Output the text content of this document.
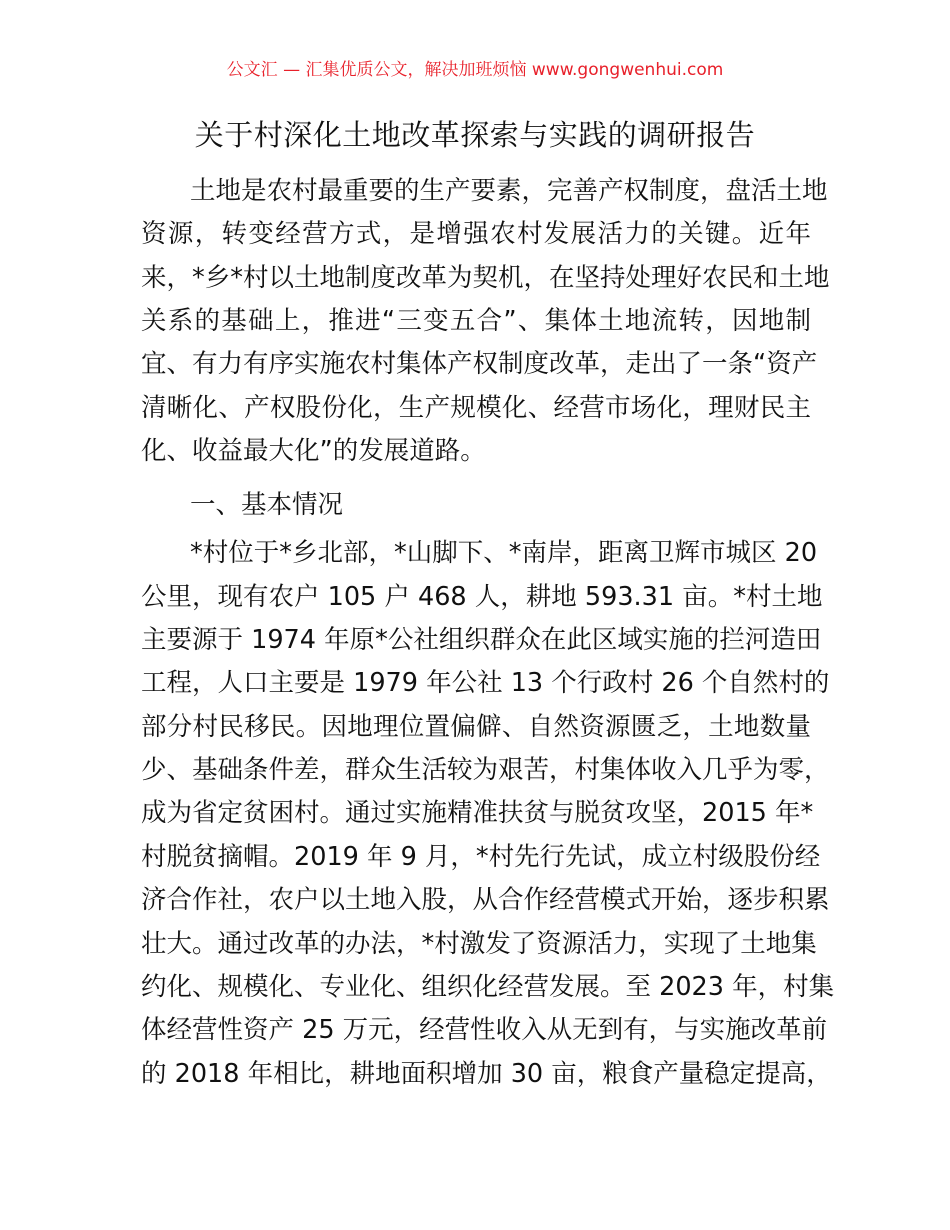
公文汇 — 汇集优质公文，解决加班烦恼 www.gongwenhui.com
关于村深化土地改革探索与实践的调研报告
土地是农村最重要的生产要素，完善产权制度，盘活土地
资源，转变经营方式，是增强农村发展活力的关键。近年
来，*乡*村以土地制度改革为契机，在坚持处理好农民和土地
关系的基础上，推进“三变五合”、集体土地流转，因地制
宜、有力有序实施农村集体产权制度改革，走出了一条“资产
清晰化、产权股份化，生产规模化、经营市场化，理财民主
化、收益最大化”的发展道路。
一、基本情况
*村位于*乡北部，*山脚下、*南岸，距离卫辉市城区 20
公里，现有农户 105 户 468 人，耕地 593.31 亩。*村土地
主要源于 1974 年原*公社组织群众在此区域实施的拦河造田
工程，人口主要是 1979 年公社 13 个行政村 26 个自然村的
部分村民移民。因地理位置偏僻、自然资源匮乏，土地数量
少、基础条件差，群众生活较为艰苦，村集体收入几乎为零，
成为省定贫困村。通过实施精准扶贫与脱贫攻坚，2015 年*
村脱贫摘帽。2019 年 9 月，*村先行先试，成立村级股份经
济合作社，农户以土地入股，从合作经营模式开始，逐步积累
壮大。通过改革的办法，*村激发了资源活力，实现了土地集
约化、规模化、专业化、组织化经营发展。至 2023 年，村集
体经营性资产 25 万元，经营性收入从无到有，与实施改革前
的 2018 年相比，耕地面积增加 30 亩，粮食产量稳定提高，
